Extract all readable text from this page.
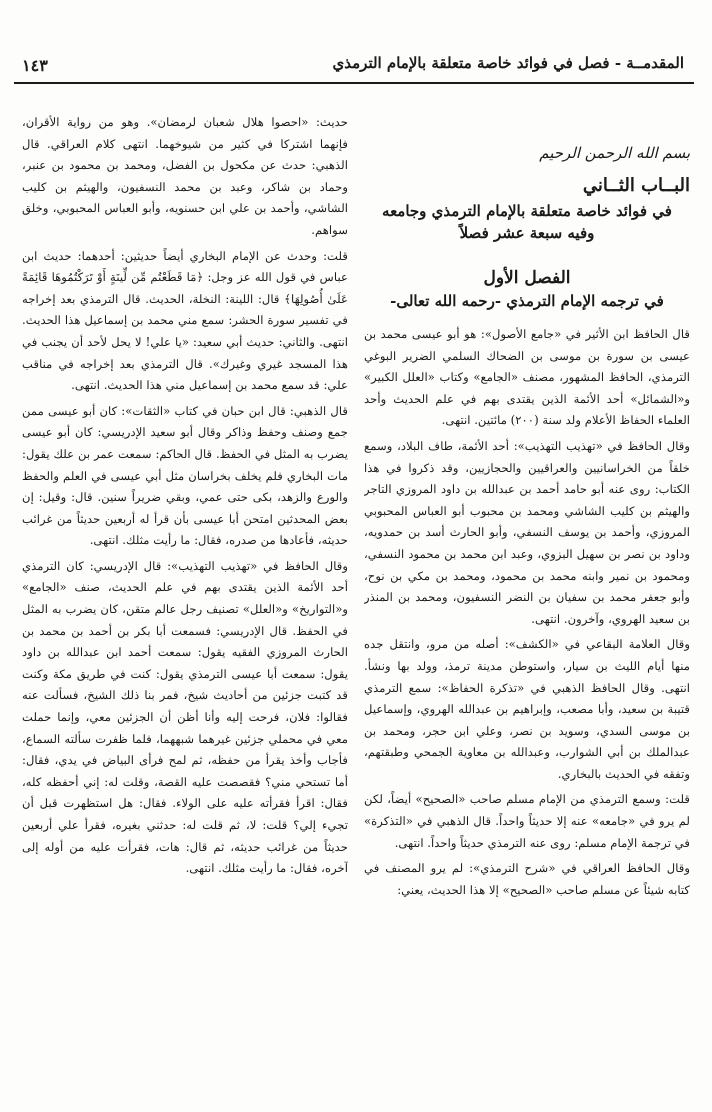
المقدمــة - فصل في فوائد خاصة متعلقة بالإمام الترمذي
١٤٣
بسم الله الرحمن الرحيم
البــاب الثــاني
في فوائد خاصة متعلقة بالإمام الترمذي وجامعه
وفيه سبعة عشر فصلاً
الفصل الأول
في ترجمه الإمام الترمذي -رحمه الله تعالى-

قال الحافظ ابن الأثير في «جامع الأصول»: هو أبو عيسى محمد بن عيسى بن سورة بن موسى بن الضحاك السلمي الضرير البوغي الترمذي، الحافظ المشهور، مصنف «الجامع» وكتاب «العلل الكبير» و«الشمائل» أحد الأئمة الذين يقتدى بهم في علم الحديث وأحد العلماء الحفاظ الأعلام ولد سنة (٢٠٠) مائتين. انتهى.

وقال الحافظ في «تهذيب التهذيب»: أحد الأئمة، طاف البلاد، وسمع خلقاً من الخراسانيين والعراقيين والحجازيين، وقد ذكروا في هذا الكتاب: روى عنه أبو حامد أحمد بن عبدالله بن داود المروزي التاجر والهيثم بن كليب الشاشي ومحمد بن محبوب أبو العباس المحبوبي المروزي، وأحمد بن يوسف النسفي، وأبو الحارث أسد بن حمدويه، وداود بن نصر بن سهيل البزوي، وعبد ابن محمد بن محمود النسفي، ومحمود بن نمير وابنه محمد بن محمود، ومحمد بن مكي بن نوح، وأبو جعفر محمد بن سفيان بن النضر النسفيون، ومحمد بن المنذر بن سعيد الهروي، وآخرون. انتهى.

وقال العلامة البقاعي في «الكشف»: أصله من مرو، وانتقل جده منها أيام الليث بن سيار، واستوطن مدينة ترمذ، وولد بها ونشأ. انتهى. وقال الحافظ الذهبي في «تذكرة الحفاظ»: سمع الترمذي قتيبة بن سعيد، وأبا مصعب، وإبراهيم بن عبدالله الهروي، وإسماعيل بن موسى السدي، وسويد بن نصر، وعلي ابن حجر، ومحمد بن عبدالملك بن أبي الشوارب، وعبدالله بن معاوية الجمحي وطبقتهم، وتفقه في الحديث بالبخاري.

قلت: وسمع الترمذي من الإمام مسلم صاحب «الصحيح» أيضاً، لكن لم يرو في «جامعه» عنه إلا حديثاً واحداً. قال الذهبي في «التذكرة» في ترجمة الإمام مسلم: روى عنه الترمذي حديثاً واحداً. انتهى.

وقال الحافظ العراقي في «شرح الترمذي»: لم يرو المصنف في كتابه شيئاً عن مسلم صاحب «الصحيح» إلا هذا الحديث، يعني:

حديث: «احصوا هلال شعبان لرمضان». وهو من رواية الأقران، فإنهما اشتركا في كثير من شيوخهما. انتهى كلام العراقي. قال الذهبي: حدث عن مكحول بن الفضل، ومحمد بن محمود بن عنبر، وحماد بن شاكر، وعبد بن محمد النسفيون، والهيثم بن كليب الشاشي، وأحمد بن علي ابن حسنويه، وأبو العباس المحبوبي، وخلق سواهم.

قلت: وحدث عن الإمام البخاري أيضاً حديثين: أحدهما: حديث ابن عباس في قول الله عز وجل: ﴿مَا قَطَعْتُم مِّن لِّينَةٍ أَوْ تَرَكْتُمُوهَا قَائِمَةً عَلَىٰ أُصُولِهَا﴾ قال: اللينة: النخلة، الحديث. قال الترمذي بعد إخراجه في تفسير سورة الحشر: سمع مني محمد بن إسماعيل هذا الحديث. انتهى. والثاني: حديث أبي سعيد: «يا علي! لا يحل لأحد أن يجنب في هذا المسجد غيري وغيرك». قال الترمذي بعد إخراجه في مناقب علي: قد سمع محمد بن إسماعيل مني هذا الحديث. انتهى.

قال الذهبي: قال ابن حبان في كتاب «الثقات»: كان أبو عيسى ممن جمع وصنف وحفظ وذاكر وقال أبو سعيد الإدريسي: كان أبو عيسى يضرب به المثل في الحفظ. قال الحاكم: سمعت عمر بن علك يقول: مات البخاري فلم يخلف بخراسان مثل أبي عيسى في العلم والحفظ والورع والزهد، بكى حتى عمي، وبقي ضريراً سنين. قال: وقيل: إن بعض المحدثين امتحن أبا عيسى بأن قرأ له أربعين حديثاً من غرائب حديثه، فأعادها من صدره، فقال: ما رأيت مثلك. انتهى.

وقال الحافظ في «تهذيب التهذيب»: قال الإدريسي: كان الترمذي أحد الأئمة الذين يقتدى بهم في علم الحديث، صنف «الجامع» و«التواريخ» و«العلل» تصنيف رجل عالم متقن، كان يضرب به المثل في الحفظ. قال الإدريسي: فسمعت أبا بكر بن أحمد بن محمد بن الحارث المروزي الفقيه يقول: سمعت أحمد ابن عبدالله بن داود يقول: سمعت أبا عيسى الترمذي يقول: كنت في طريق مكة وكنت قد كتبت جزئين من أحاديث شيخ، فمر بنا ذلك الشيخ، فسألت عنه فقالوا: فلان، فرحت إليه وأنا أظن أن الجزئين معي، وإنما حملت معي في محملي جزئين غيرهما شبههما، فلما ظفرت سألته السماع، فأجاب وأخذ يقرأ من حفظه، ثم لمح فرأى البياض في يدي، فقال: أما تستحي مني؟ فقصصت عليه القصة، وقلت له: إني أحفظه كله، فقال: اقرأ فقرأته عليه على الولاء. فقال: هل استظهرت قبل أن تجيء إلي؟ قلت: لا، ثم قلت له: حدثني بغيره، فقرأ علي أربعين حديثاً من غرائب حديثه، ثم قال: هات، فقرأت عليه من أوله إلى آخره، فقال: ما رأيت مثلك. انتهى.
